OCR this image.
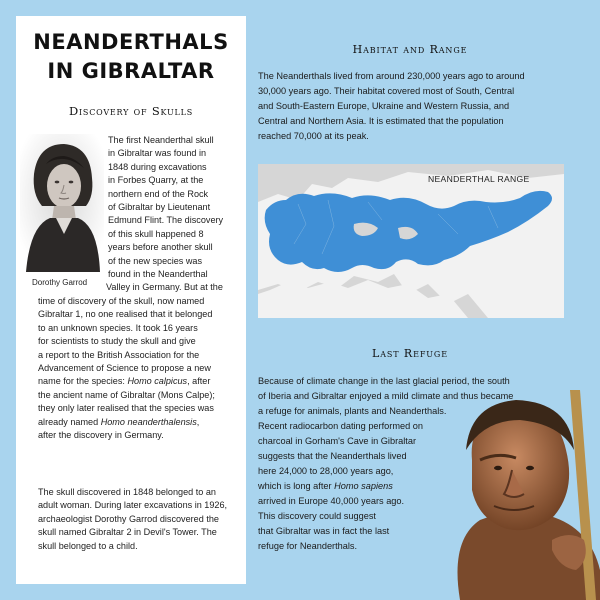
NEANDERTHALS
IN GIBRALTAR
Discovery of Skulls
Dorothy Garrod
The first Neanderthal skull
in Gibraltar was found in
1848 during excavations
in Forbes Quarry, at the
northern end of the Rock
of Gibraltar by Lieutenant
Edmund Flint. The discovery
of this skull happened 8
years before another skull
of the new species was
found in the Neanderthal
Valley in Germany. But at the
time of discovery of the skull, now named
Gibraltar 1, no one realised that it belonged
to an unknown species. It took 16 years
for scientists to study the skull and give
a report to the British Association for the
Advancement of Science to propose a new
name for the species: Homo calpicus, after
the ancient name of Gibraltar (Mons Calpe);
they only later realised that the species was
already named Homo neanderthalensis,
after the discovery in Germany.
The skull discovered in 1848 belonged to an
adult woman. During later excavations in 1926,
archaeologist Dorothy Garrod discovered the
skull named Gibraltar 2 in Devil's Tower. The
skull belonged to a child.
Habitat and Range
The Neanderthals lived from around 230,000 years ago to around
30,000 years ago. Their habitat covered most of South, Central
and South-Eastern Europe, Ukraine and Western Russia, and
Central and Northern Asia. It is estimated that the population
reached 70,000 at its peak.
NEANDERTHAL RANGE
Last Refuge
Because of climate change in the last glacial period, the south
of Iberia and Gibraltar enjoyed a mild climate and thus became
a refuge for animals, plants and Neanderthals.
Recent radiocarbon dating performed on
charcoal in Gorham's Cave in Gibraltar
suggests that the Neanderthals lived
here 24,000 to 28,000 years ago,
which is long after Homo sapiens
arrived in Europe 40,000 years ago.
This discovery could suggest
that Gibraltar was in fact the last
refuge for Neanderthals.
